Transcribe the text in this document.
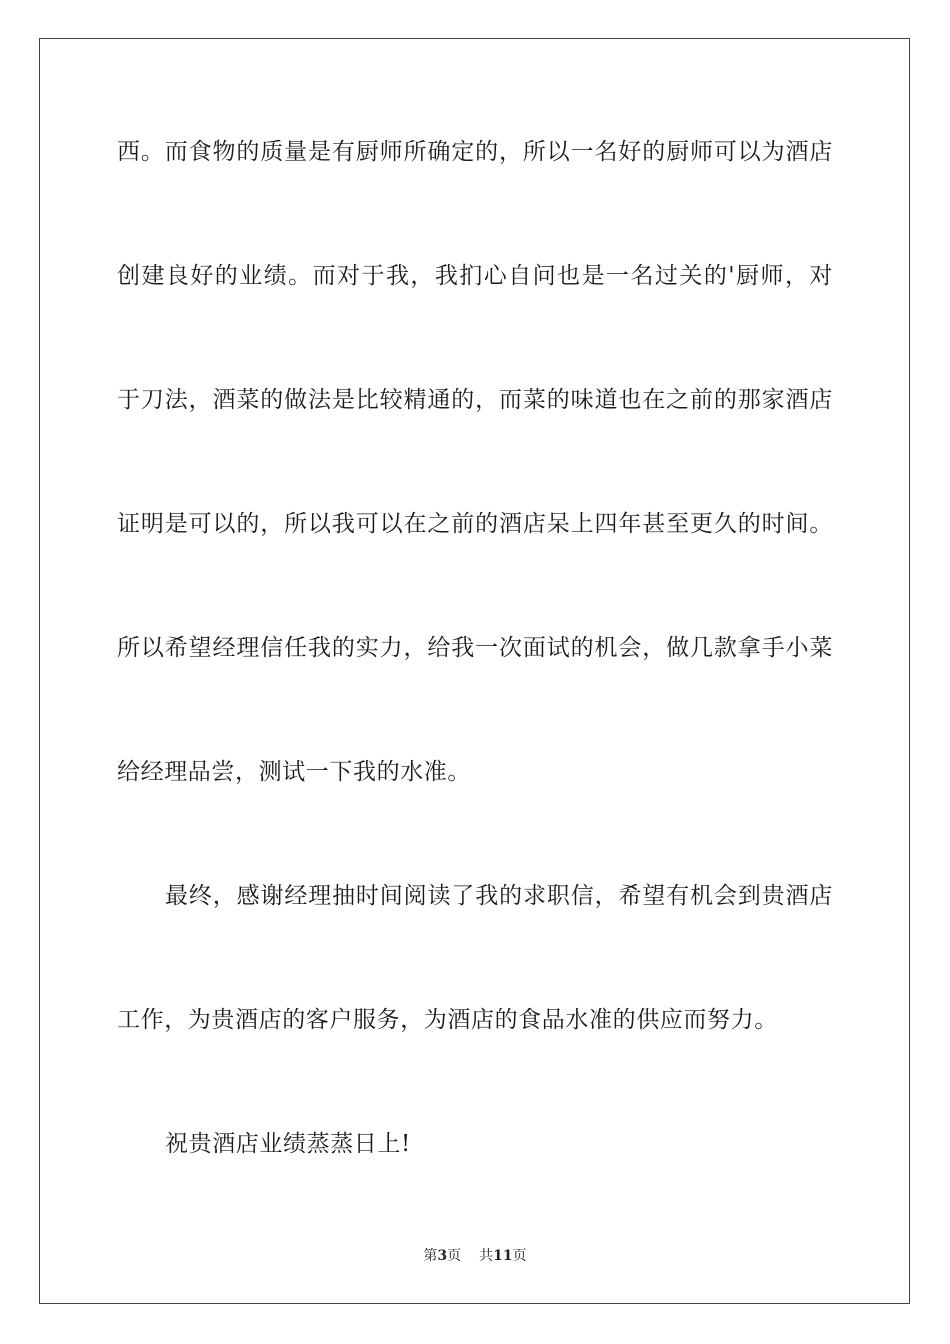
西。而食物的质量是有厨师所确定的，所以一名好的厨师可以为酒店
创建良好的业绩。而对于我，我扪心自问也是一名过关的'厨师，对
于刀法，酒菜的做法是比较精通的，而菜的味道也在之前的那家酒店
证明是可以的，所以我可以在之前的酒店呆上四年甚至更久的时间。
所以希望经理信任我的实力，给我一次面试的机会，做几款拿手小菜
给经理品尝，测试一下我的水准。
最终，感谢经理抽时间阅读了我的求职信，希望有机会到贵酒店
工作，为贵酒店的客户服务，为酒店的食品水准的供应而努力。
祝贵酒店业绩蒸蒸日上!
第3页 共11页
